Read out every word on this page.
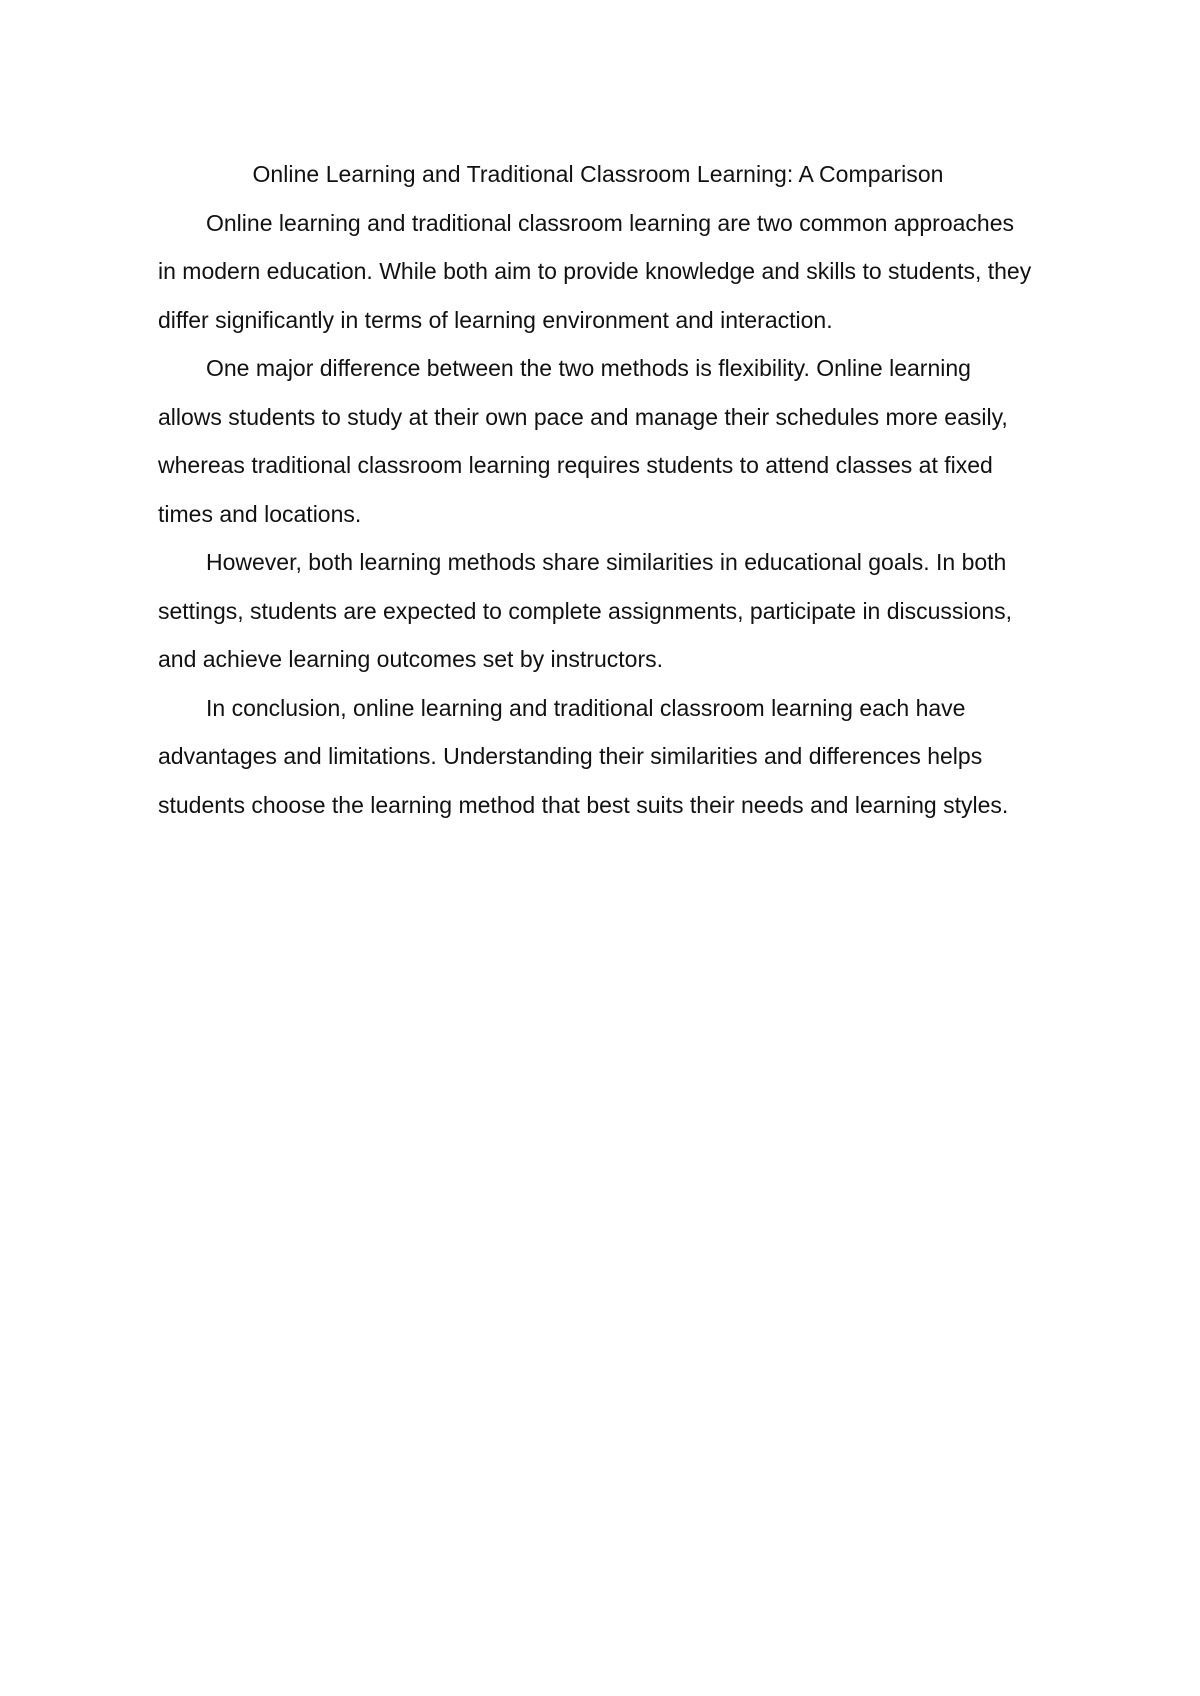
Online Learning and Traditional Classroom Learning: A Comparison

Online learning and traditional classroom learning are two common approaches in modern education. While both aim to provide knowledge and skills to students, they differ significantly in terms of learning environment and interaction.

One major difference between the two methods is flexibility. Online learning allows students to study at their own pace and manage their schedules more easily, whereas traditional classroom learning requires students to attend classes at fixed times and locations.

However, both learning methods share similarities in educational goals. In both settings, students are expected to complete assignments, participate in discussions, and achieve learning outcomes set by instructors.

In conclusion, online learning and traditional classroom learning each have advantages and limitations. Understanding their similarities and differences helps students choose the learning method that best suits their needs and learning styles.
